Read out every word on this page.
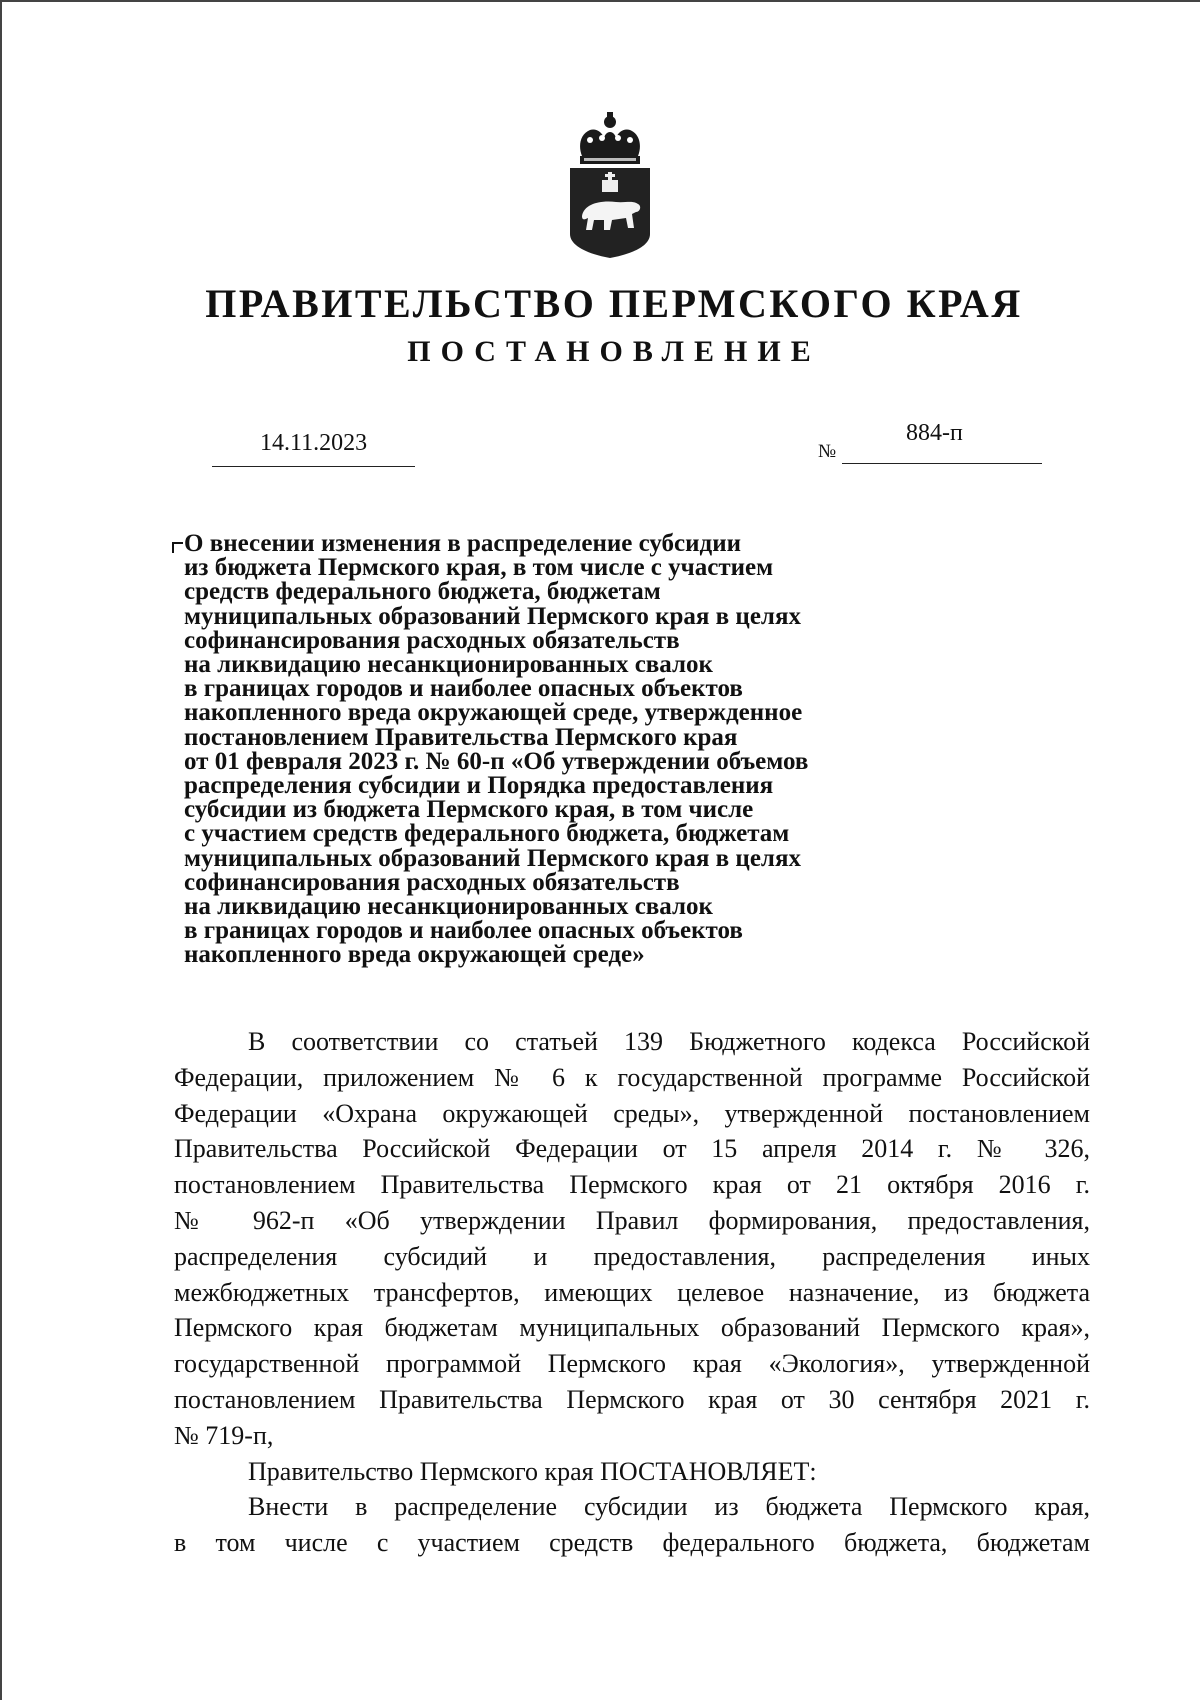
ПРАВИТЕЛЬСТВО ПЕРМСКОГО КРАЯ
ПОСТАНОВЛЕНИЕ
14.11.2023	№
884-п
О внесении изменения в распределение субсидии
из бюджета Пермского края, в том числе с участием
средств федерального бюджета, бюджетам
муниципальных образований Пермского края в целях
софинансирования расходных обязательств
на ликвидацию несанкционированных свалок
в границах городов и наиболее опасных объектов
накопленного вреда окружающей среде, утвержденное
постановлением Правительства Пермского края
от 01 февраля 2023 г. № 60-п «Об утверждении объемов
распределения субсидии и Порядка предоставления
субсидии из бюджета Пермского края, в том числе
с участием средств федерального бюджета, бюджетам
муниципальных образований Пермского края в целях
софинансирования расходных обязательств
на ликвидацию несанкционированных свалок
в границах городов и наиболее опасных объектов
накопленного вреда окружающей среде»
В соответствии со статьей 139 Бюджетного кодекса Российской
Федерации, приложением № 6 к государственной программе Российской
Федерации «Охрана окружающей среды», утвержденной постановлением
Правительства Российской Федерации от 15 апреля 2014 г. № 326,
постановлением Правительства Пермского края от 21 октября 2016 г.
№ 962-п «Об утверждении Правил формирования, предоставления,
распределения субсидий и предоставления, распределения иных
межбюджетных трансфертов, имеющих целевое назначение, из бюджета
Пермского края бюджетам муниципальных образований Пермского края»,
государственной программой Пермского края «Экология», утвержденной
постановлением Правительства Пермского края от 30 сентября 2021 г.
№ 719-п,
Правительство Пермского края ПОСТАНОВЛЯЕТ:
Внести в распределение субсидии из бюджета Пермского края,
в том числе с участием средств федерального бюджета, бюджетам
